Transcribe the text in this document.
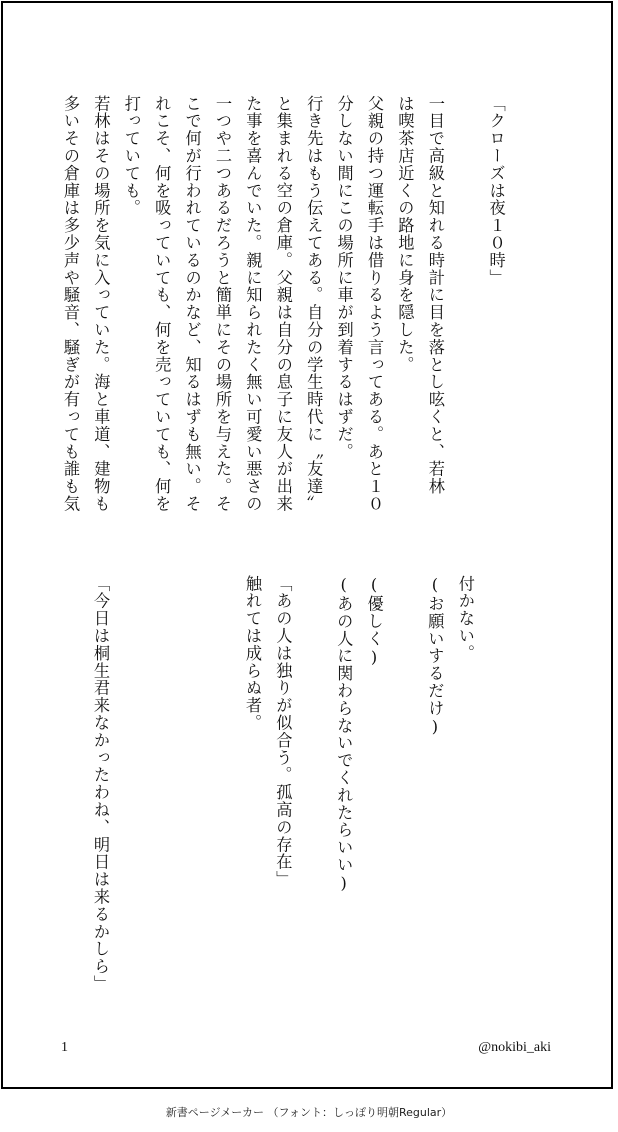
多いその倉庫は多少声や騒音、騒ぎが有っても誰も気 若林はその場所を気に入っていた。海と車道、建物も 打っていても。 れこそ、何を吸っていても、何を売っていても、何を こで何が行われているのかなど、知るはずも無い。そ 一つや二つあるだろうと簡単にその場所を与えた。そ た事を喜んでいた。親に知られたく無い可愛い悪さの と集まれる空の倉庫。父親は自分の息子に友人が出来 行き先はもう伝えてある。自分の学生時代に〝友達〟 分しない間にこの場所に車が到着するはずだ。 父親の持つ運転手は借りるよう言ってある。あと１０ は喫茶店近くの路地に身を隠した。 一目で高級と知れる時計に目を落とし呟くと、若林	「クローズは夜１０時」
「今日は桐生君来なかったわね、明日は来るかしら」	触れては成らぬ者。 「あの人は独りが似合う。孤高の存在」	(あの人に関わらないでくれたらいい) (優しく)	(お願いするだけ) 付かない。
1	@nokibi_aki
新書ページメーカー （フォント：しっぽり明朝Regular）
